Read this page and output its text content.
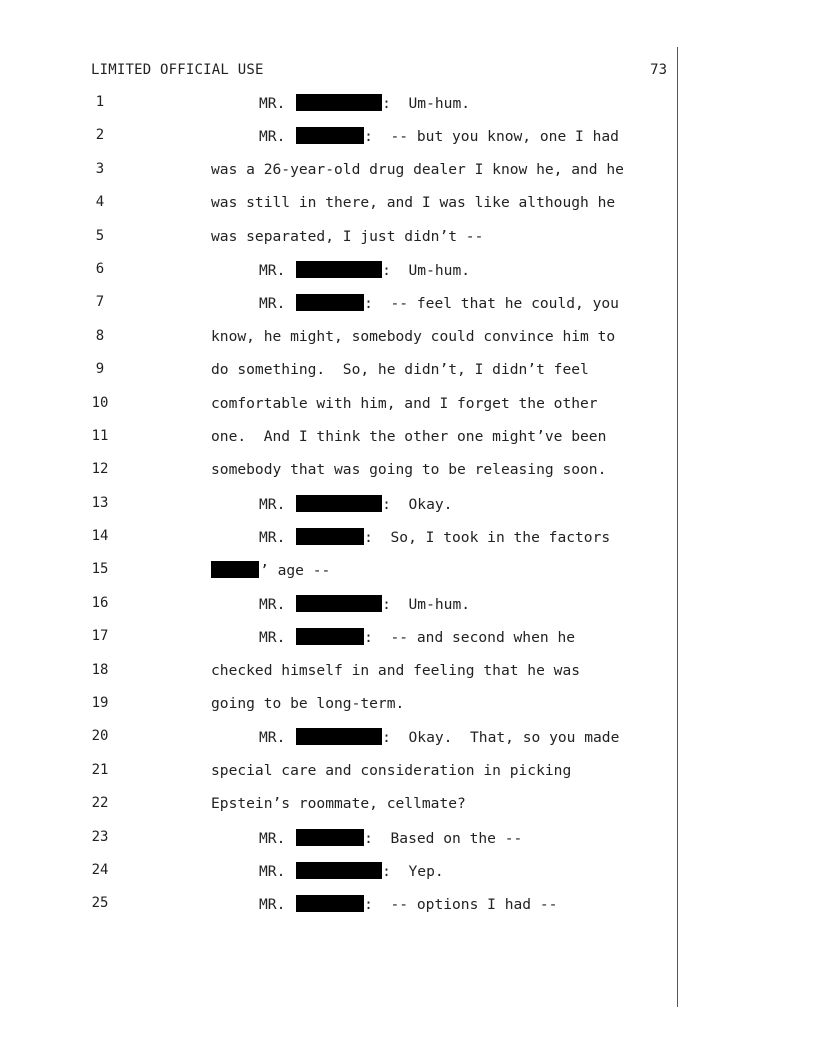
LIMITED OFFICIAL USE	73
1	MR.	:  Um-hum.
2	MR.	:  -- but you know, one I had
3	was a 26-year-old drug dealer I know he, and he
4	was still in there, and I was like although he
5	was separated, I just didn’t --
6	MR.	:  Um-hum.
7	MR.	:  -- feel that he could, you
8	know, he might, somebody could convince him to
9	do something.  So, he didn’t, I didn’t feel
10	comfortable with him, and I forget the other
11	one.  And I think the other one might’ve been
12	somebody that was going to be releasing soon.
13	MR.	:  Okay.
14	MR.	:  So, I took in the factors
15	’ age --
16	MR.	:  Um-hum.
17	MR.	:  -- and second when he
18	checked himself in and feeling that he was
19	going to be long-term.
20	MR.	:  Okay.  That, so you made
21	special care and consideration in picking
22	Epstein’s roommate, cellmate?
23	MR.	:  Based on the --
24	MR.	:  Yep.
25	MR.	:  -- options I had --
